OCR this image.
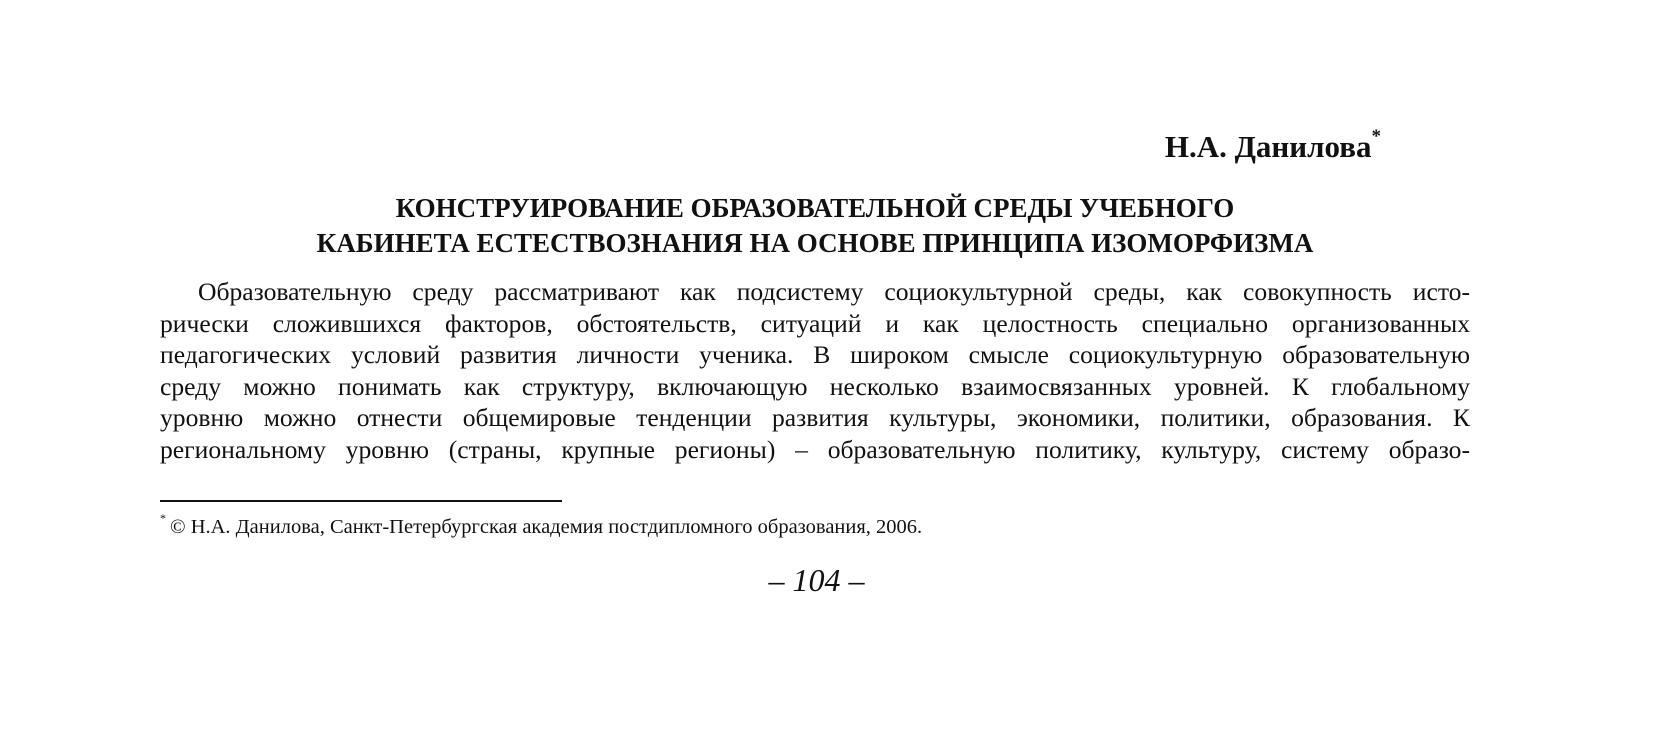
Н.А. Данилова*
КОНСТРУИРОВАНИЕ ОБРАЗОВАТЕЛЬНОЙ СРЕДЫ УЧЕБНОГО
КАБИНЕТА ЕСТЕСТВОЗНАНИЯ НА ОСНОВЕ ПРИНЦИПА ИЗОМОРФИЗМА

Образовательную среду рассматривают как подсистему социокультурной среды, как совокупность исто-
рически сложившихся факторов, обстоятельств, ситуаций и как целостность специально организованных
педагогических условий развития личности ученика. В широком смысле социокультурную образовательную
среду можно понимать как структуру, включающую несколько взаимосвязанных уровней. К глобальному
уровню можно отнести общемировые тенденции развития культуры, экономики, политики, образования. К
региональному уровню (страны, крупные регионы) – образовательную политику, культуру, систему образо-

* © Н.А. Данилова, Санкт-Петербургская академия постдипломного образования, 2006.
– 104 –
